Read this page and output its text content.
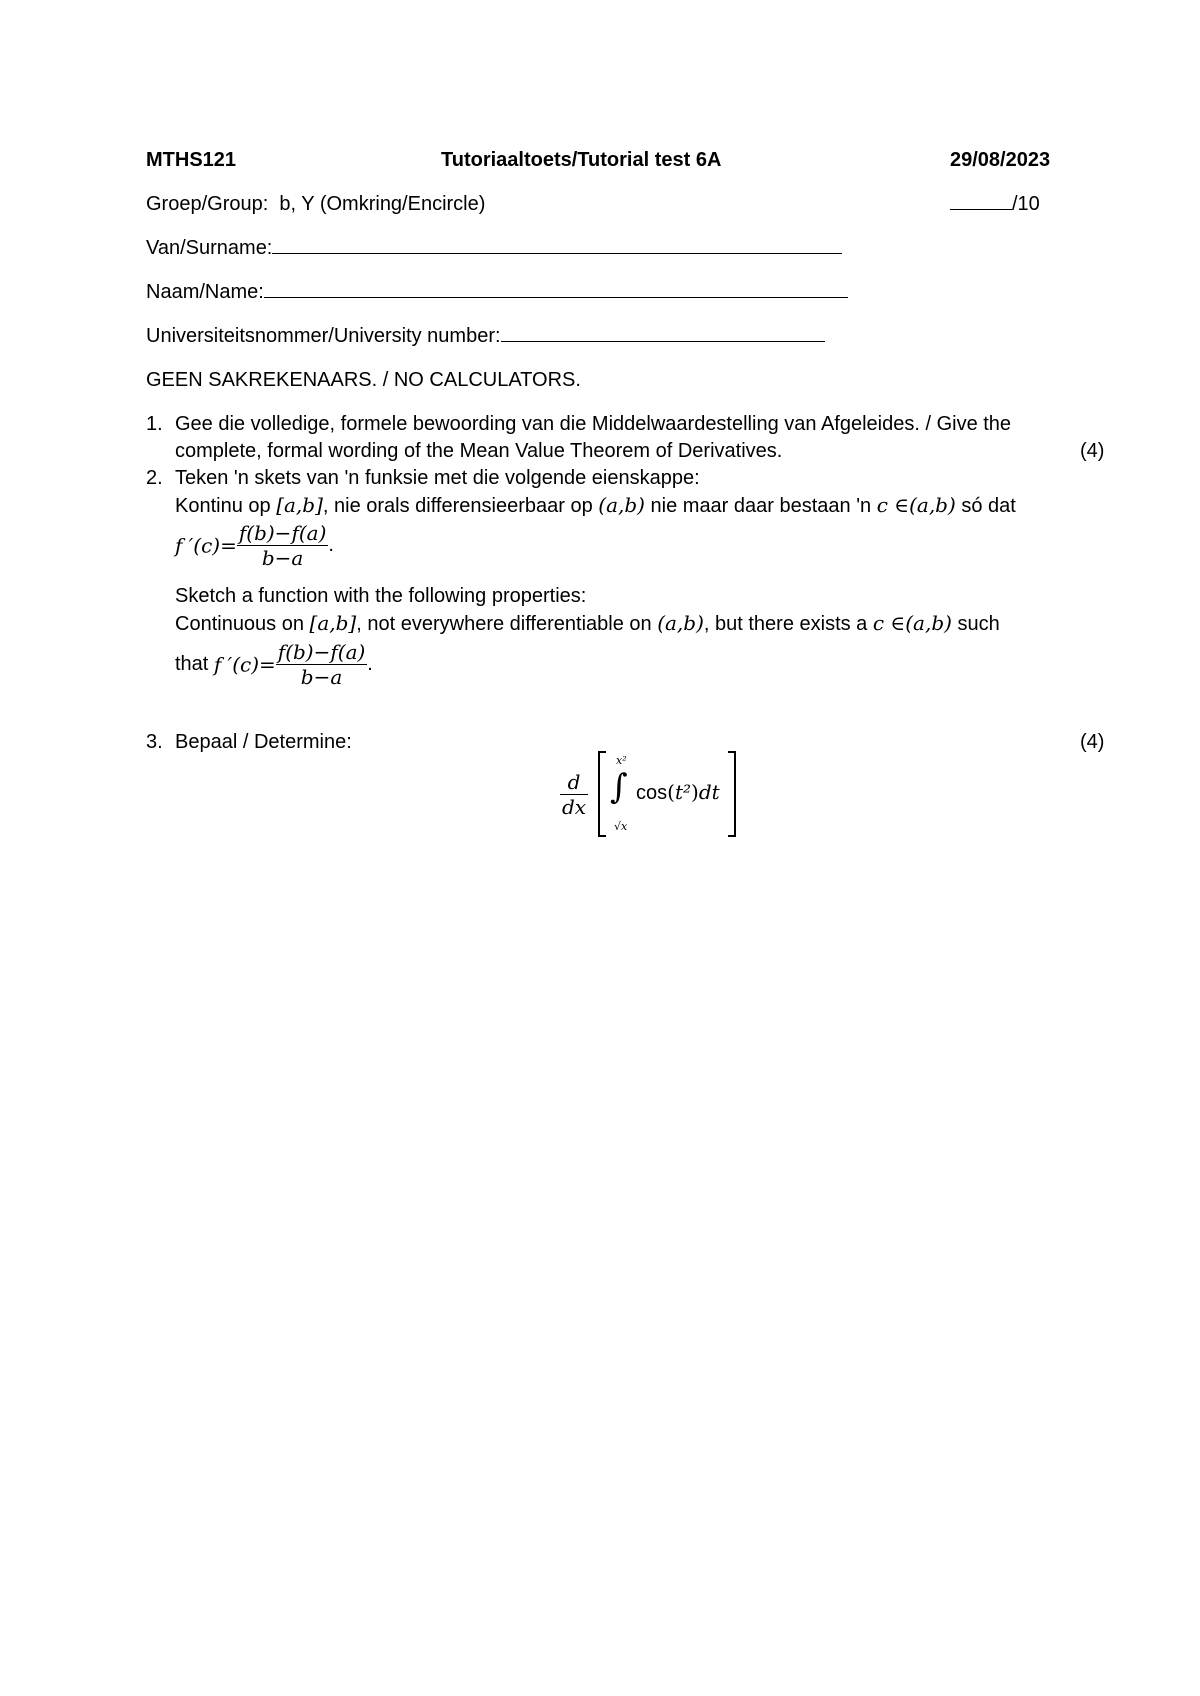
MTHS121	Tutoriaaltoets/Tutorial test 6A	29/08/2023
Groep/Group: b, Y (Omkring/Encircle)	/10
Van/Surname:
Naam/Name:
Universiteitsnommer/University number:
GEEN SAKREKENAARS. / NO CALCULATORS.
1. Gee die volledige, formele bewoording van die Middelwaardestelling van Afgeleides. / Give the
complete, formal wording of the Mean Value Theorem of Derivatives.	(4)
2. Teken 'n skets van 'n funksie met die volgende eienskappe:
Kontinu op [a,b], nie orals differensieerbaar op (a,b) nie maar daar bestaan 'n c ∈(a,b) só dat
f $'(c)= \frac{f(b)-f(a)}{b-a}$ .
Sketch a function with the following properties:
Continuous on [a,b], not everywhere differentiable on (a,b), but there exists a c ∈(a,b) such
that f $'(c)= \frac{f(b)-f(a)}{b-a}$ .
3. Bepaal / Determine:	(4)
$\frac{d}{dx}$ ∫
x²
√x
cos(t²)dt
